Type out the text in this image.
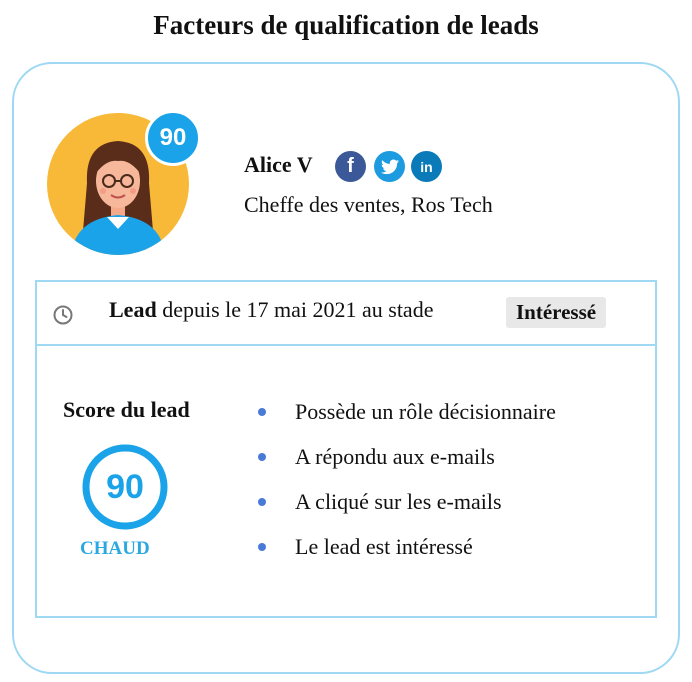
Facteurs de qualification de leads
90
Alice V	f	in
Cheffe des ventes, Ros Tech
Lead depuis le 17 mai 2021 au stade	Intéressé
Score du lead
90
CHAUD
Possède un rôle décisionnaire
A répondu aux e-mails
A cliqué sur les e-mails
Le lead est intéressé
